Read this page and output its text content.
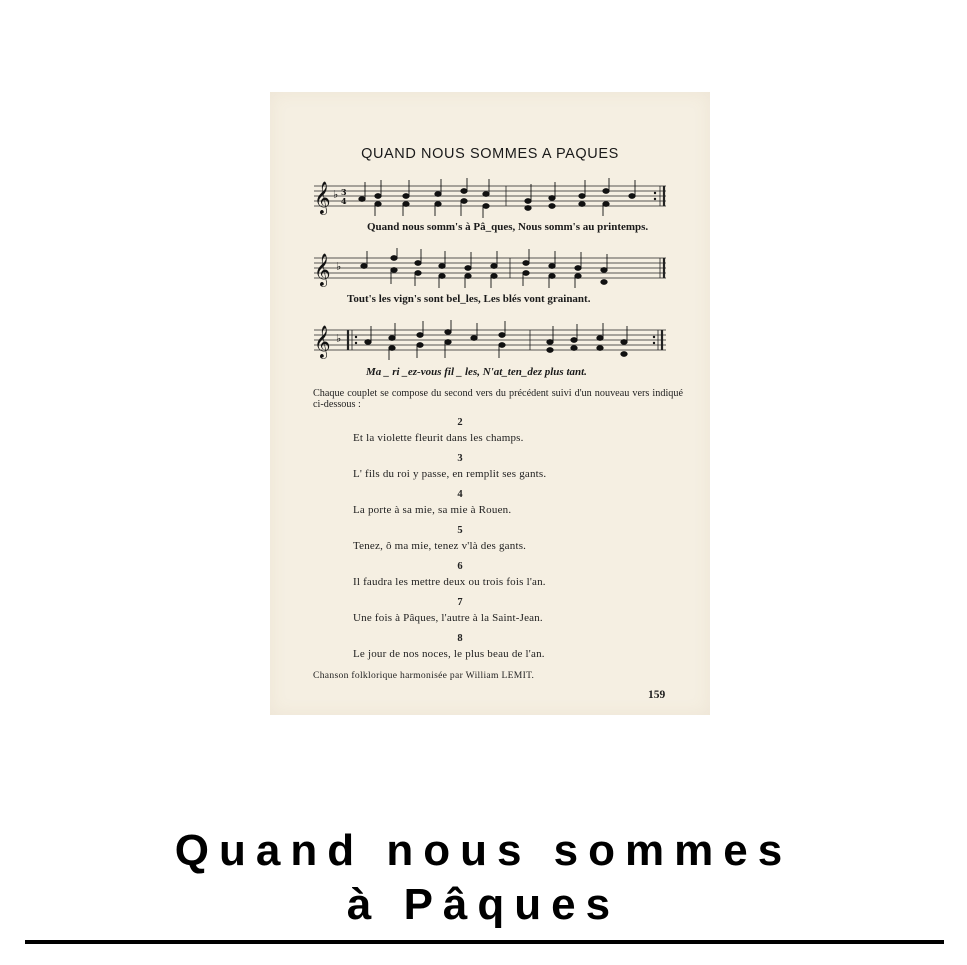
QUAND NOUS SOMMES A PAQUES
𝄞 ♭ 3
4
Quand nous somm's à Pâ_ques, Nous somm's au printemps.
𝄞 ♭
Tout's les vign's sont bel_les, Les blés vont grainant.
𝄞 ♭
Ma _ ri _ez-vous fil _ les, N'at_ten_dez plus tant.
Chaque couplet se compose du second vers du précédent suivi d'un nouveau vers indiqué ci-dessous :
2
Et la violette fleurit dans les champs.
3
L' fils du roi y passe, en remplit ses gants.
4
La porte à sa mie, sa mie à Rouen.
5
Tenez, ô ma mie, tenez v'là des gants.
6
Il faudra les mettre deux ou trois fois l'an.
7
Une fois à Pâques, l'autre à la Saint-Jean.
8
Le jour de nos noces, le plus beau de l'an.
Chanson folklorique harmonisée par William LEMIT.
159
Quand nous sommes
à Pâques
